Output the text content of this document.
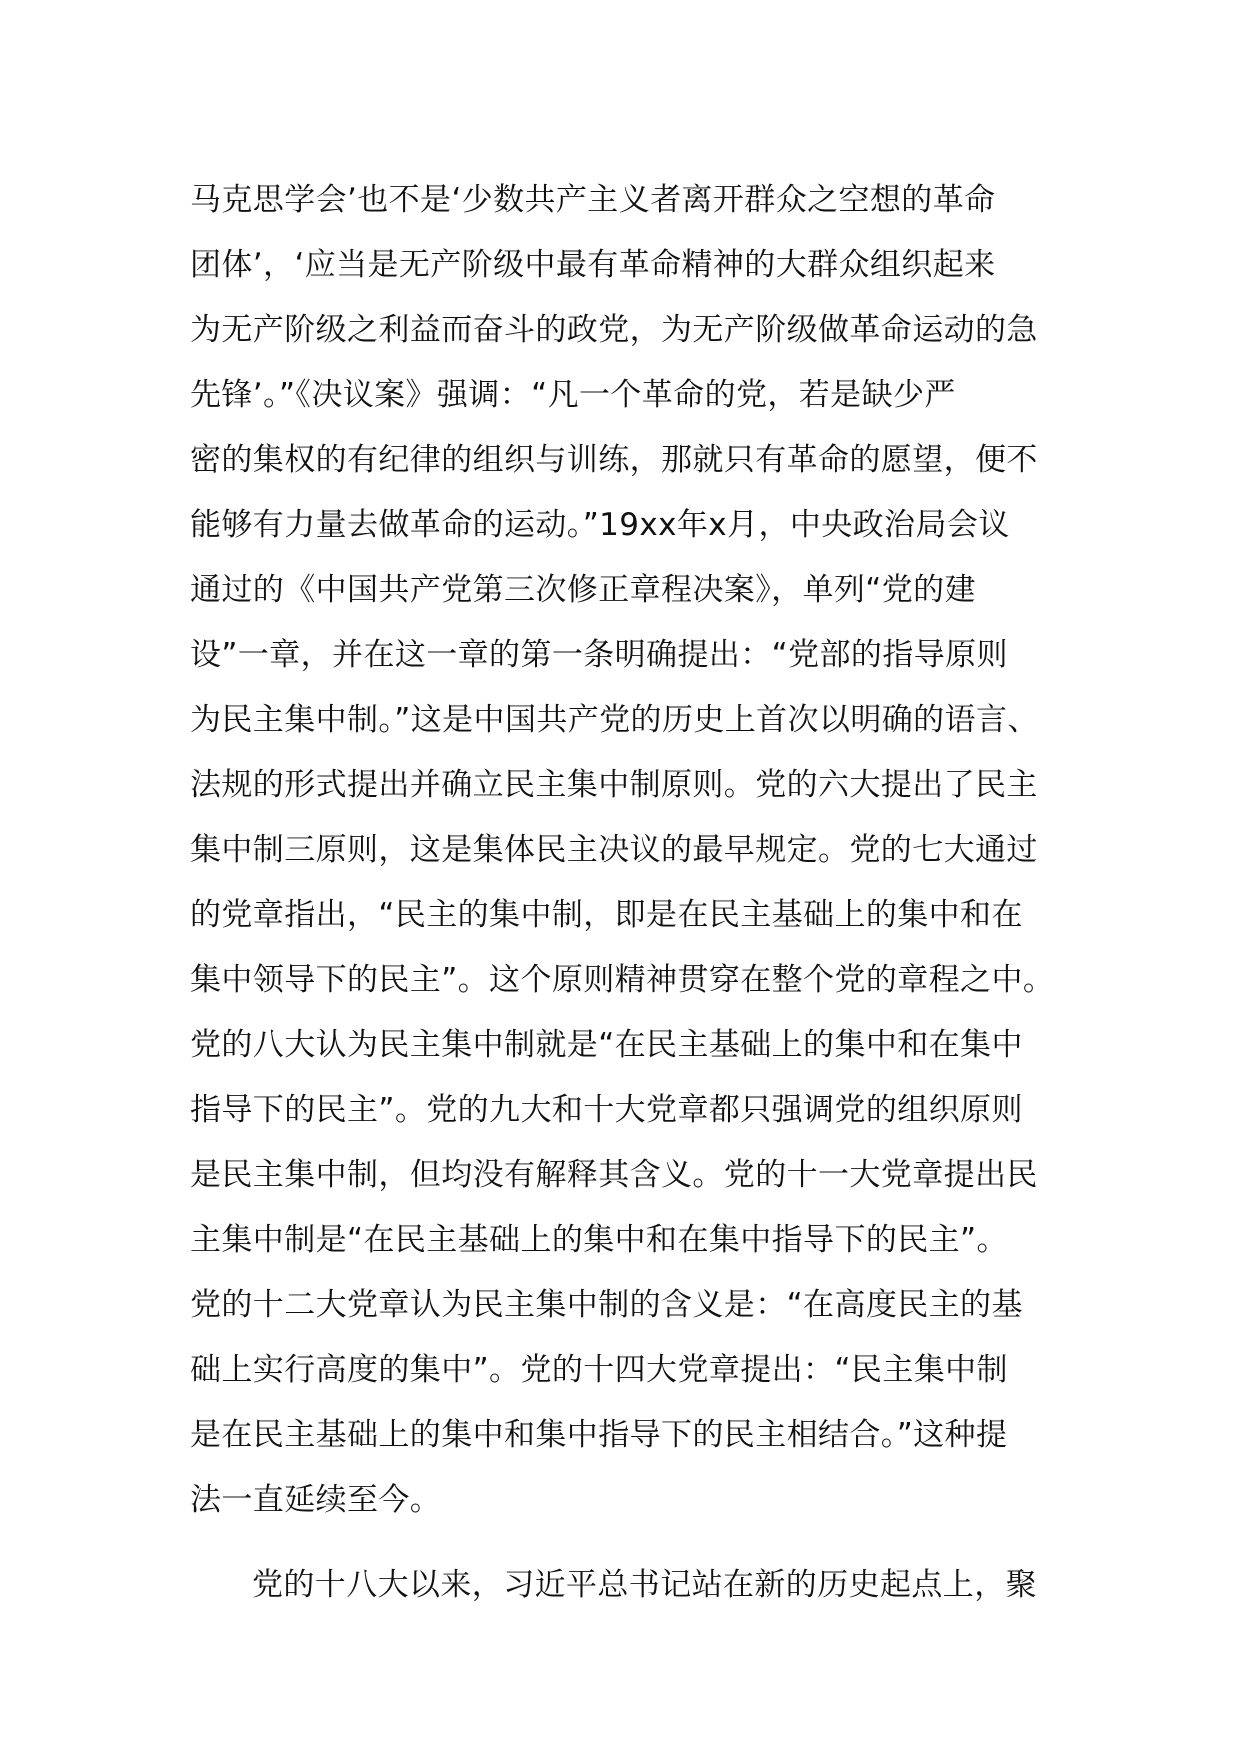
马克思学会’也不是‘少数共产主义者离开群众之空想的革命
团体’，‘应当是无产阶级中最有革命精神的大群众组织起来
为无产阶级之利益而奋斗的政党，为无产阶级做革命运动的急
先锋’。”《决议案》强调：“凡一个革命的党，若是缺少严
密的集权的有纪律的组织与训练，那就只有革命的愿望，便不
能够有力量去做革命的运动。”19xx年x月，中央政治局会议
通过的《中国共产党第三次修正章程决案》，单列“党的建
设”一章，并在这一章的第一条明确提出：“党部的指导原则
为民主集中制。”这是中国共产党的历史上首次以明确的语言、
法规的形式提出并确立民主集中制原则。党的六大提出了民主
集中制三原则，这是集体民主决议的最早规定。党的七大通过
的党章指出，“民主的集中制，即是在民主基础上的集中和在
集中领导下的民主”。这个原则精神贯穿在整个党的章程之中。
党的八大认为民主集中制就是“在民主基础上的集中和在集中
指导下的民主”。党的九大和十大党章都只强调党的组织原则
是民主集中制，但均没有解释其含义。党的十一大党章提出民
主集中制是“在民主基础上的集中和在集中指导下的民主”。
党的十二大党章认为民主集中制的含义是：“在高度民主的基
础上实行高度的集中”。党的十四大党章提出：“民主集中制
是在民主基础上的集中和集中指导下的民主相结合。”这种提
法一直延续至今。
党的十八大以来，习近平总书记站在新的历史起点上，聚
